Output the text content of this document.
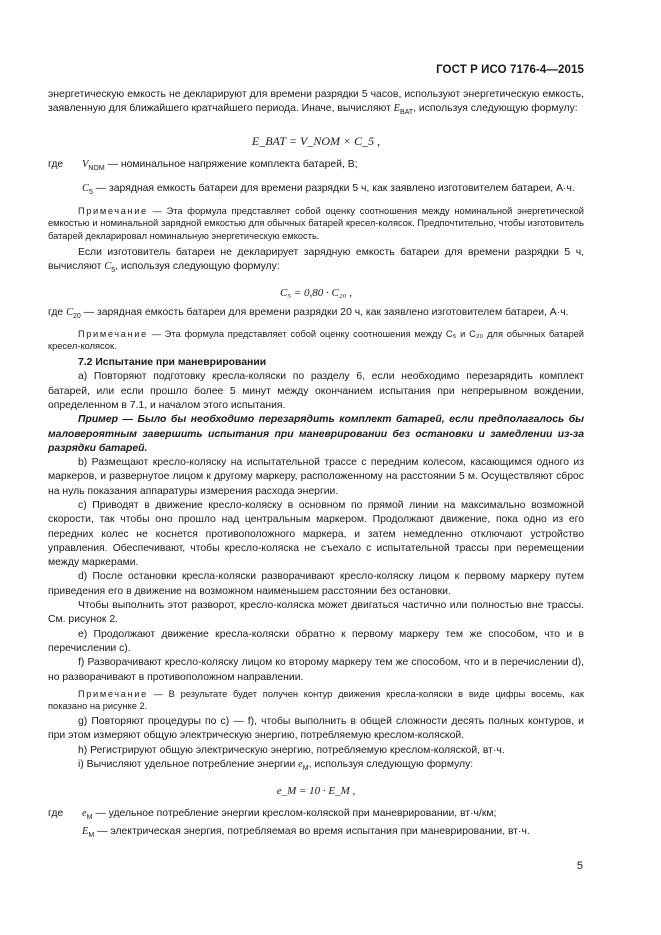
ГОСТ Р ИСО 7176-4—2015

энергетическую емкость не декларируют для времени разрядки 5 часов, используют энергетическую емкость, заявленную для ближайшего кратчайшего периода. Иначе, вычисляют $E_{BAT}$, используя следующую формулу:

E_BAT = V_NOM × C_5 ,

где	$V_{NOM}$ — номинальное напряжение комплекта батарей, В;

$C_5$ — зарядная емкость батареи для времени разрядки 5 ч, как заявлено изготовителем батареи, А·ч.

Примечание — Эта формула представляет собой оценку соотношения между номинальной энергетической емкостью и номинальной зарядной емкостью для обычных батарей кресел-колясок. Предпочтительно, чтобы изготовитель батарей декларировал номинальную энергетическую емкость.

Если изготовитель батареи не декларирует зарядную емкость батареи для времени разрядки 5 ч, вычисляют $C_5$, используя следующую формулу:

C₅ = 0,80 · C₂₀ ,

где $C_{20}$ — зарядная емкость батареи для времени разрядки 20 ч, как заявлено изготовителем батареи, А·ч.

Примечание — Эта формула представляет собой оценку соотношения между C₅ и C₂₀ для обычных батарей кресел-колясок.

7.2 Испытание при маневрировании

a) Повторяют подготовку кресла-коляски по разделу 6, если необходимо перезарядить комплект батарей, или если прошло более 5 минут между окончанием испытания при непрерывном вождении, определенном в 7.1, и началом этого испытания.

Пример — Было бы необходимо перезарядить комплект батарей, если предполагалось бы маловероятным завершить испытания при маневрировании без остановки и замедлении из-за разрядки батарей.

b) Размещают кресло-коляску на испытательной трассе с передним колесом, касающимся одного из маркеров, и развернутое лицом к другому маркеру, расположенному на расстоянии 5 м. Осуществляют сброс на нуль показания аппаратуры измерения расхода энергии.

c) Приводят в движение кресло-коляску в основном по прямой линии на максимально возможной скорости, так чтобы оно прошло над центральным маркером. Продолжают движение, пока одно из его передних колес не коснется противоположного маркера, и затем немедленно отключают устройство управления. Обеспечивают, чтобы кресло-коляска не съехало с испытательной трассы при перемещении между маркерами.

d) После остановки кресла-коляски разворачивают кресло-коляску лицом к первому маркеру путем приведения его в движение на возможном наименьшем расстоянии без остановки.

Чтобы выполнить этот разворот, кресло-коляска может двигаться частично или полностью вне трассы. См. рисунок 2.

e) Продолжают движение кресла-коляски обратно к первому маркеру тем же способом, что и в перечислении c).

f) Разворачивают кресло-коляску лицом ко второму маркеру тем же способом, что и в перечислении d), но разворачивают в противоположном направлении.

Примечание — В результате будет получен контур движения кресла-коляски в виде цифры восемь, как показано на рисунке 2.

g) Повторяют процедуры по c) — f), чтобы выполнить в общей сложности десять полных контуров, и при этом измеряют общую электрическую энергию, потребляемую креслом-коляской.

h) Регистрируют общую электрическую энергию, потребляемую креслом-коляской, вт·ч.

i) Вычисляют удельное потребление энергии $e_M$, используя следующую формулу:

e_M = 10 · E_M ,

где	$e_M$ — удельное потребление энергии креслом-коляской при маневрировании, вт·ч/км;

$E_M$ — электрическая энергия, потребляемая во время испытания при маневрировании, вт·ч.

5
